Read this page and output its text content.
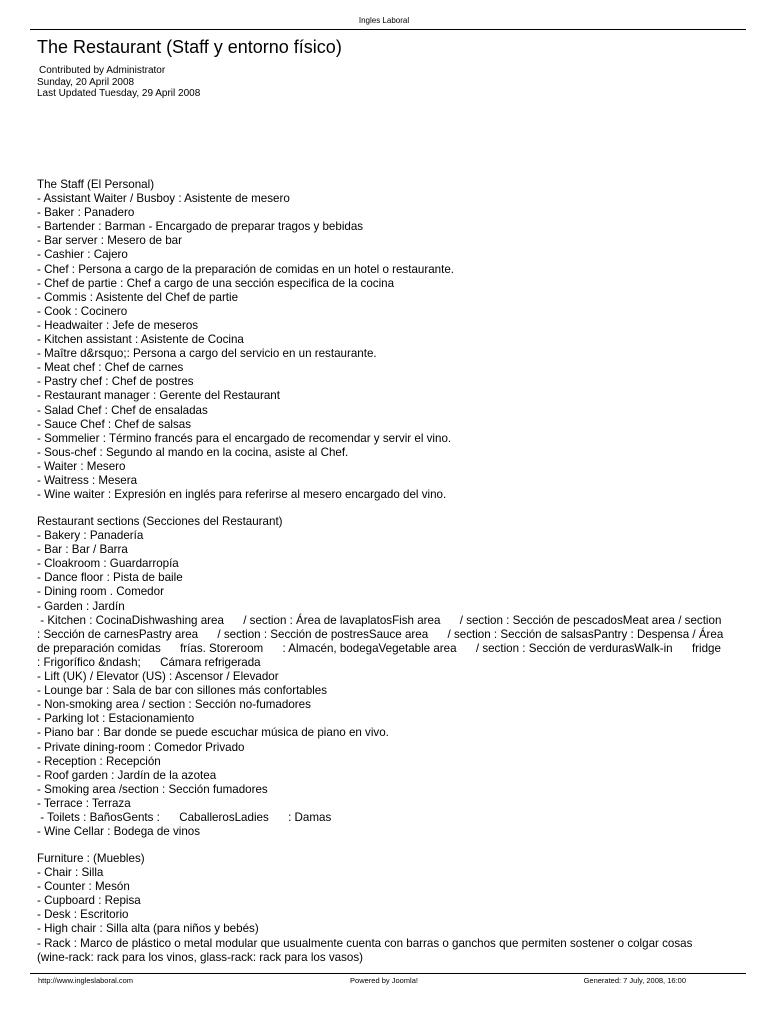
Ingles Laboral
The Restaurant (Staff y entorno físico)
Contributed by Administrator
Sunday, 20 April 2008
Last Updated Tuesday, 29 April 2008
The Staff (El Personal)
- Assistant Waiter / Busboy : Asistente de mesero
- Baker : Panadero
- Bartender : Barman - Encargado de preparar tragos y bebidas
- Bar server : Mesero de bar
- Cashier : Cajero
- Chef : Persona a cargo de la preparación de comidas en un hotel o restaurante.
- Chef de partie : Chef a cargo de una sección especifica de la cocina
- Commis : Asistente del Chef de partie
- Cook : Cocinero
- Headwaiter : Jefe de meseros
- Kitchen assistant : Asistente de Cocina
- Maître d&rsquo;: Persona a cargo del servicio en un restaurante.
- Meat chef : Chef de carnes
- Pastry chef : Chef de postres
- Restaurant manager : Gerente del Restaurant
- Salad Chef : Chef de ensaladas
- Sauce Chef : Chef de salsas
- Sommelier : Término francés para el encargado de recomendar y servir el vino.
- Sous-chef : Segundo al mando en la cocina, asiste al Chef.
- Waiter : Mesero
- Waitress : Mesera
- Wine waiter : Expresión en inglés para referirse al mesero encargado del vino.
Restaurant sections (Secciones del Restaurant)
- Bakery : Panadería
- Bar : Bar / Barra
- Cloakroom : Guardarropía
- Dance floor : Pista de baile
- Dining room . Comedor
- Garden : Jardín
- Kitchen : CocinaDishwashing area      / section : Área de lavaplatosFish area      / section : Sección de pescadosMeat area / section : Sección de carnesPastry area      / section : Sección de postresSauce area      / section : Sección de salsasPantry : Despensa / Área de preparación comidas      frías. Storeroom      : Almacén, bodegaVegetable area      / section : Sección de verdurasWalk-in      fridge : Frigorífico &ndash;      Cámara refrigerada
- Lift (UK) / Elevator (US) : Ascensor / Elevador
- Lounge bar : Sala de bar con sillones más confortables
- Non-smoking area / section : Sección no-fumadores
- Parking lot : Estacionamiento
- Piano bar : Bar donde se puede escuchar música de piano en vivo.
- Private dining-room : Comedor Privado
- Reception : Recepción
- Roof garden : Jardín de la azotea
- Smoking area /section : Sección fumadores
- Terrace : Terraza
- Toilets : BañosGents :      CaballerosLadies      : Damas
- Wine Cellar : Bodega de vinos
Furniture : (Muebles)
- Chair : Silla
- Counter : Mesón
- Cupboard : Repisa
- Desk : Escritorio
- High chair : Silla alta (para niños y bebés)
- Rack : Marco de plástico o metal modular que usualmente cuenta con barras o ganchos que permiten sostener o colgar cosas (wine-rack: rack para los vinos, glass-rack: rack para los vasos)
Powered by Joomla!
http://www.ingleslaboral.com	Generated: 7 July, 2008, 16:00
